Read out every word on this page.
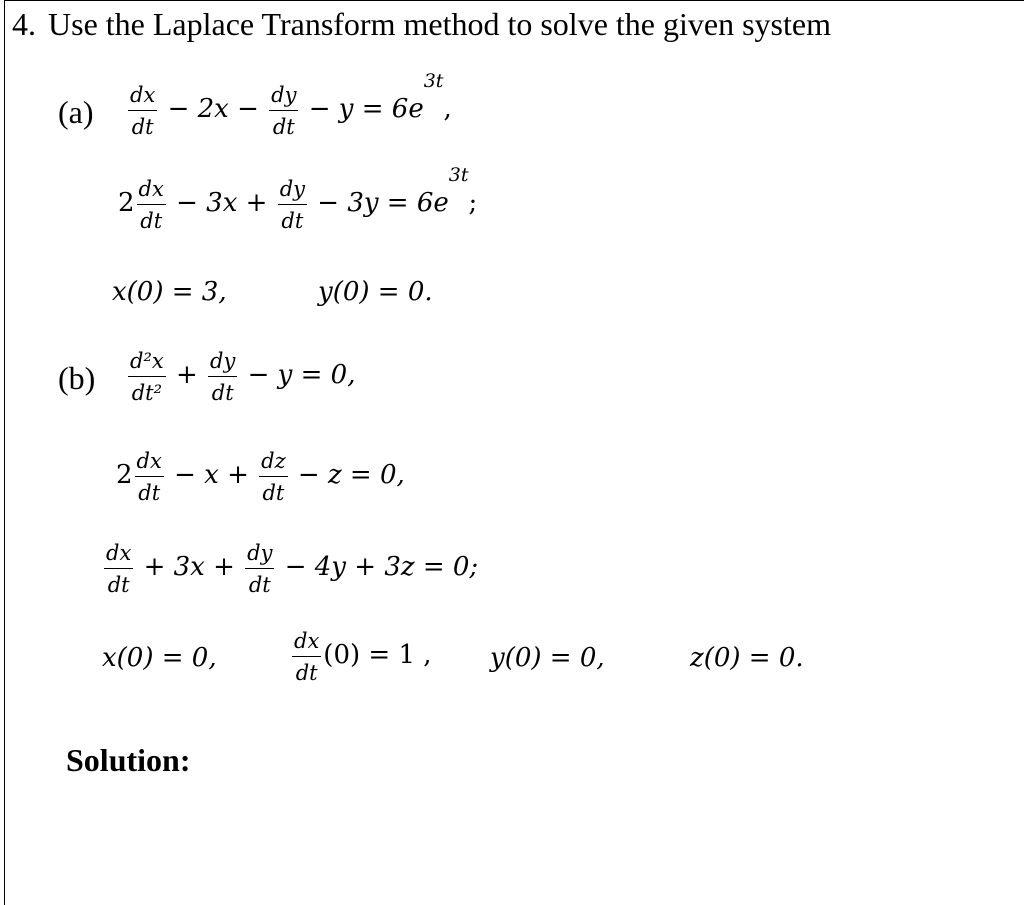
4. Use the Laplace Transform method to solve the given system
$(a) \frac{dx}{dt} - 2x - \frac{dy}{dt} - y = 6e^{3t}$,
$2 \frac{dx}{dt} - 3x + \frac{dy}{dt} - 3y = 6e^{3t}$;
x(0) = 3,	y(0) = 0.
$(b) \frac{\text{d²x}}{\text{dt²}} + \frac{dy}{dt} - y = 0$,
$2 \frac{dx}{dt} - x + \frac{dz}{dt} - z = 0$,
$\frac{dx}{dt} + 3x + \frac{dy}{dt} - 4y + 3z = 0$;
x(0) = 0,	$\frac{dx}{dt} (0) = 1$ , y(0) = 0,	z(0) = 0.
Solution:
